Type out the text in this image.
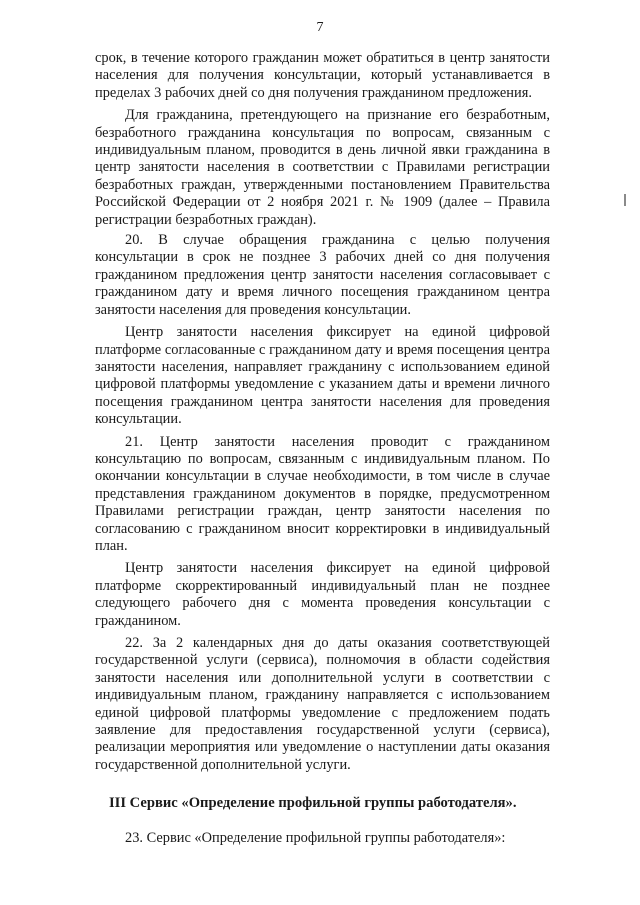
7

срок, в течение которого гражданин может обратиться в центр занятости населения для получения консультации, который устанавливается в пределах 3 рабочих дней со дня получения гражданином предложения.

Для гражданина, претендующего на признание его безработным, безработного гражданина консультация по вопросам, связанным с индивидуальным планом, проводится в день личной явки гражданина в центр занятости населения в соответствии с Правилами регистрации безработных граждан, утвержденными постановлением Правительства Российской Федерации от 2 ноября 2021 г. № 1909 (далее – Правила регистрации безработных граждан).

20. В случае обращения гражданина с целью получения консультации в срок не позднее 3 рабочих дней со дня получения гражданином предложения центр занятости населения согласовывает с гражданином дату и время личного посещения гражданином центра занятости населения для проведения консультации.

Центр занятости населения фиксирует на единой цифровой платформе согласованные с гражданином дату и время посещения центра занятости населения, направляет гражданину с использованием единой цифровой платформы уведомление с указанием даты и времени личного посещения гражданином центра занятости населения для проведения консультации.

21. Центр занятости населения проводит с гражданином консультацию по вопросам, связанным с индивидуальным планом. По окончании консультации в случае необходимости, в том числе в случае представления гражданином документов в порядке, предусмотренном Правилами регистрации граждан, центр занятости населения по согласованию с гражданином вносит корректировки в индивидуальный план.

Центр занятости населения фиксирует на единой цифровой платформе скорректированный индивидуальный план не позднее следующего рабочего дня с момента проведения консультации с гражданином.

22. За 2 календарных дня до даты оказания соответствующей государственной услуги (сервиса), полномочия в области содействия занятости населения или дополнительной услуги в соответствии с индивидуальным планом, гражданину направляется с использованием единой цифровой платформы уведомление с предложением подать заявление для предоставления государственной услуги (сервиса), реализации мероприятия или уведомление о наступлении даты оказания государственной дополнительной услуги.

III Сервис «Определение профильной группы работодателя».

23. Сервис «Определение профильной группы работодателя»:
